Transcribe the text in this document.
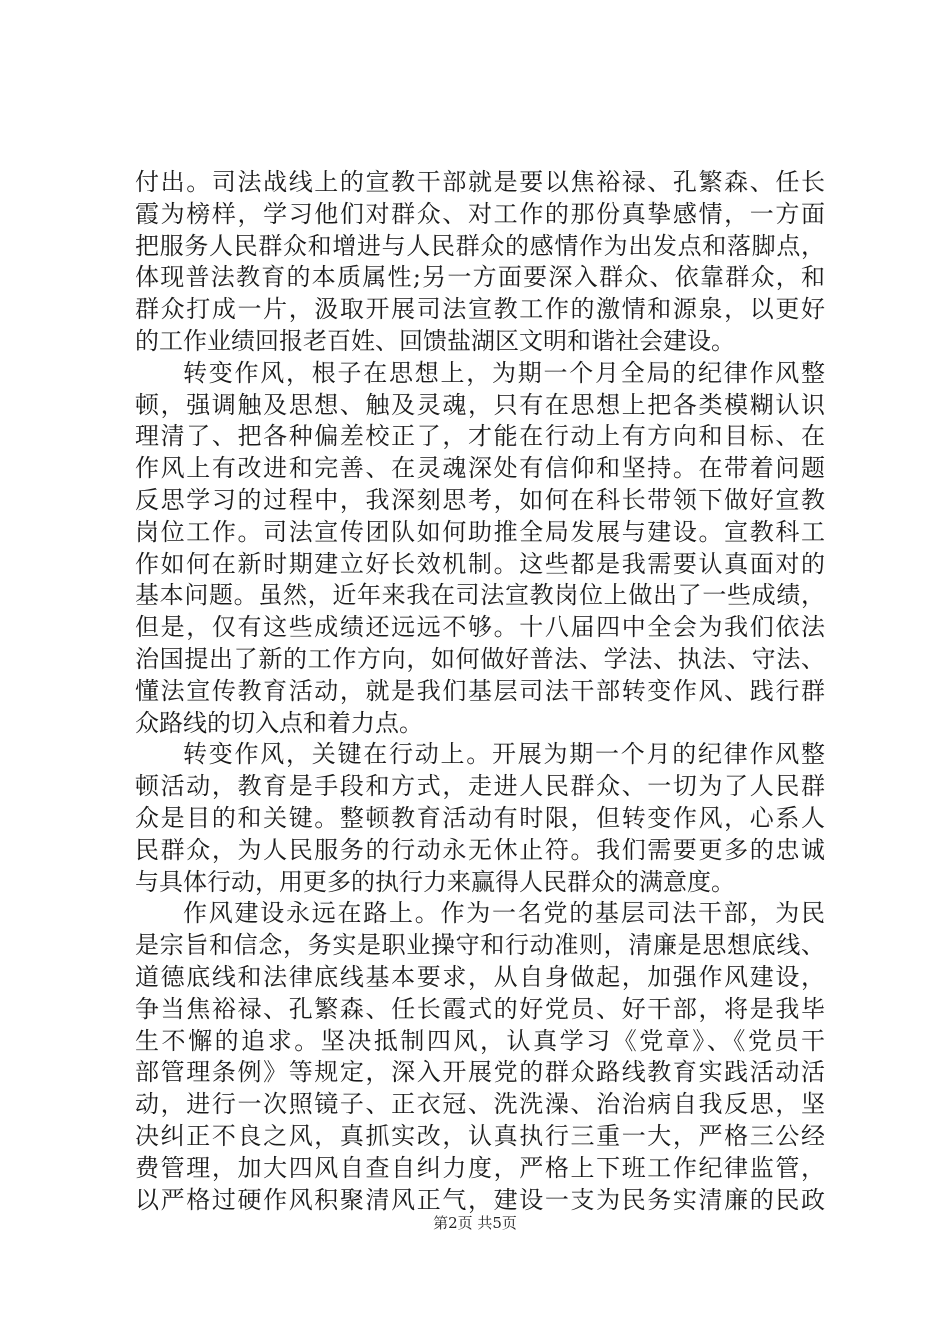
付出。司法战线上的宣教干部就是要以焦裕禄、孔繁森、任长
霞为榜样，学习他们对群众、对工作的那份真挚感情，一方面
把服务人民群众和增进与人民群众的感情作为出发点和落脚点，
体现普法教育的本质属性;另一方面要深入群众、依靠群众，和
群众打成一片，汲取开展司法宣教工作的激情和源泉，以更好
的工作业绩回报老百姓、回馈盐湖区文明和谐社会建设。
转变作风，根子在思想上，为期一个月全局的纪律作风整
顿，强调触及思想、触及灵魂，只有在思想上把各类模糊认识
理清了、把各种偏差校正了，才能在行动上有方向和目标、在
作风上有改进和完善、在灵魂深处有信仰和坚持。在带着问题
反思学习的过程中，我深刻思考，如何在科长带领下做好宣教
岗位工作。司法宣传团队如何助推全局发展与建设。宣教科工
作如何在新时期建立好长效机制。这些都是我需要认真面对的
基本问题。虽然，近年来我在司法宣教岗位上做出了一些成绩，
但是，仅有这些成绩还远远不够。十八届四中全会为我们依法
治国提出了新的工作方向，如何做好普法、学法、执法、守法、
懂法宣传教育活动，就是我们基层司法干部转变作风、践行群
众路线的切入点和着力点。
转变作风，关键在行动上。开展为期一个月的纪律作风整
顿活动，教育是手段和方式，走进人民群众、一切为了人民群
众是目的和关键。整顿教育活动有时限，但转变作风，心系人
民群众，为人民服务的行动永无休止符。我们需要更多的忠诚
与具体行动，用更多的执行力来赢得人民群众的满意度。
作风建设永远在路上。作为一名党的基层司法干部，为民
是宗旨和信念，务实是职业操守和行动准则，清廉是思想底线、
道德底线和法律底线基本要求，从自身做起，加强作风建设，
争当焦裕禄、孔繁森、任长霞式的好党员、好干部，将是我毕
生不懈的追求。坚决抵制四风，认真学习《党章》、《党员干
部管理条例》等规定，深入开展党的群众路线教育实践活动活
动，进行一次照镜子、正衣冠、洗洗澡、治治病自我反思，坚
决纠正不良之风，真抓实改，认真执行三重一大，严格三公经
费管理，加大四风自查自纠力度，严格上下班工作纪律监管，
以严格过硬作风积聚清风正气，建设一支为民务实清廉的民政
第2页 共5页
